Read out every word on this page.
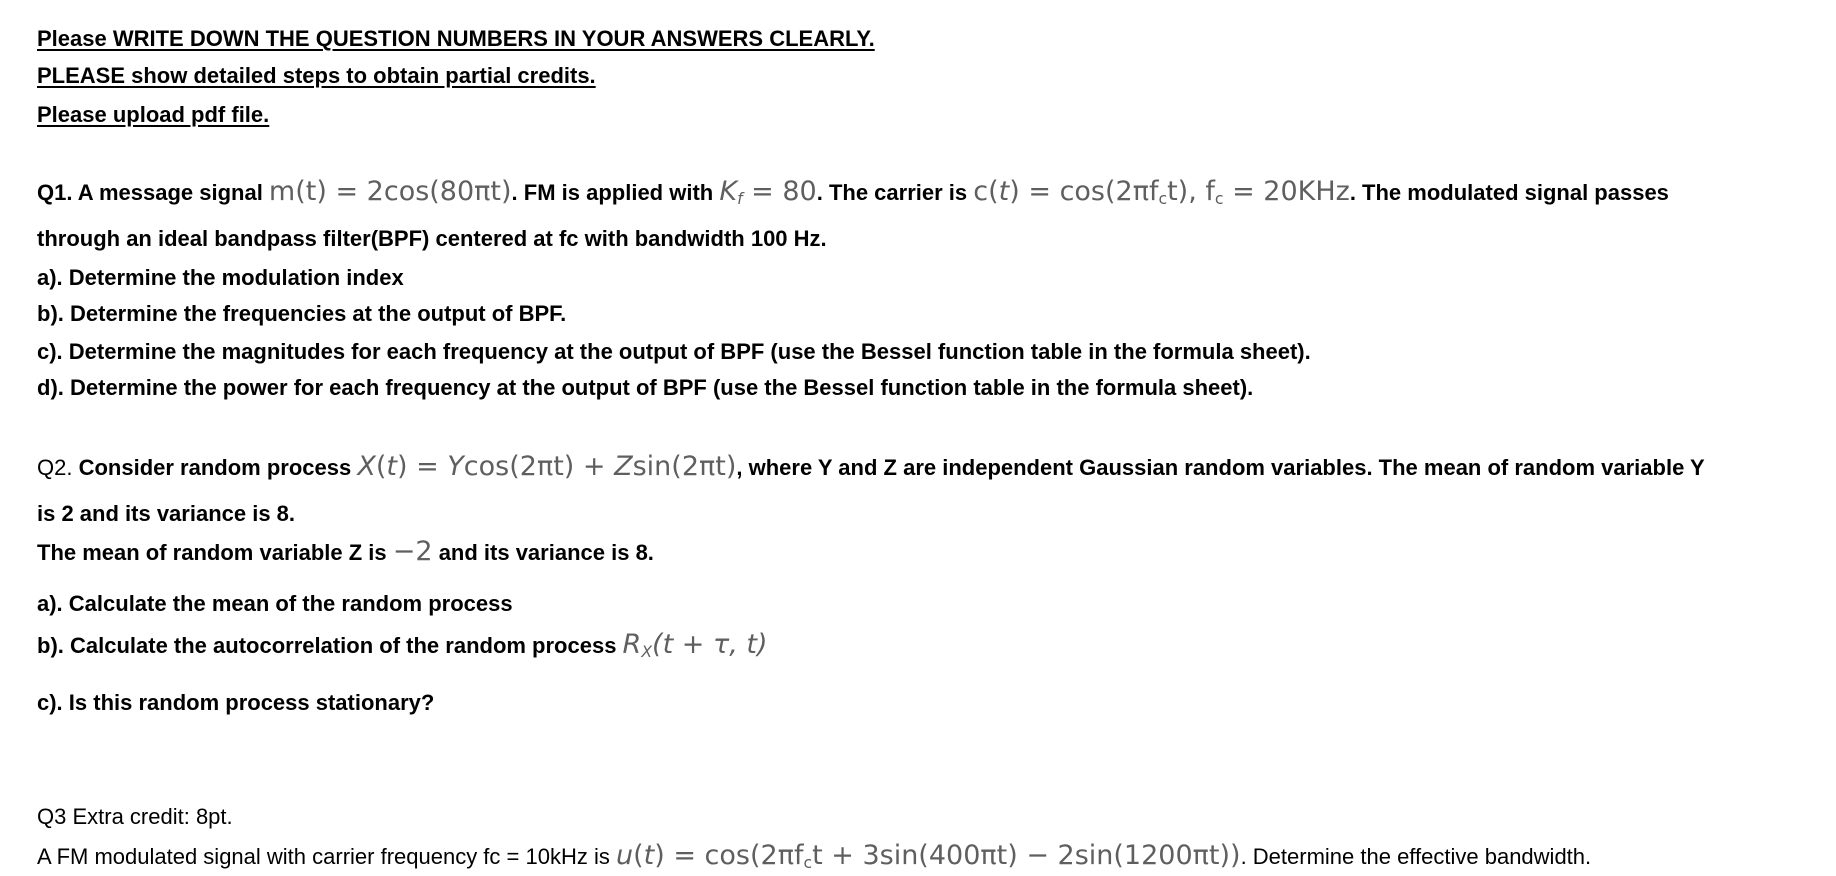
Please WRITE DOWN THE QUESTION NUMBERS IN YOUR ANSWERS CLEARLY.
PLEASE show detailed steps to obtain partial credits.
Please upload pdf file.
Q1. A message signal m(t) = 2cos(80πt). FM is applied with $K_f = 80$. The carrier is $c(t) = \cos(2\pi f_ct)$, $f_c = 20KHz$. The modulated signal passes
through an ideal bandpass filter(BPF) centered at fc with bandwidth 100 Hz.
a). Determine the modulation index
b). Determine the frequencies at the output of BPF.
c). Determine the magnitudes for each frequency at the output of BPF (use the Bessel function table in the formula sheet).
d). Determine the power for each frequency at the output of BPF (use the Bessel function table in the formula sheet).
Q2. Consider random process X(t) = Ycos(2πt) + Zsin(2πt), where Y and Z are independent Gaussian random variables. The mean of random variable Y
is 2 and its variance is 8.
The mean of random variable Z is −2 and its variance is 8.
a). Calculate the mean of the random process
b). Calculate the autocorrelation of the random process $R_X(t + \tau$, t)
c). Is this random process stationary?
Q3 Extra credit: 8pt.
A FM modulated signal with carrier frequency fc = 10kHz is $u(t) = \cos(2\pi f_ct + 3\sin(400\pi t) - 2\sin(1200\pi t))$. Determine the effective bandwidth.
